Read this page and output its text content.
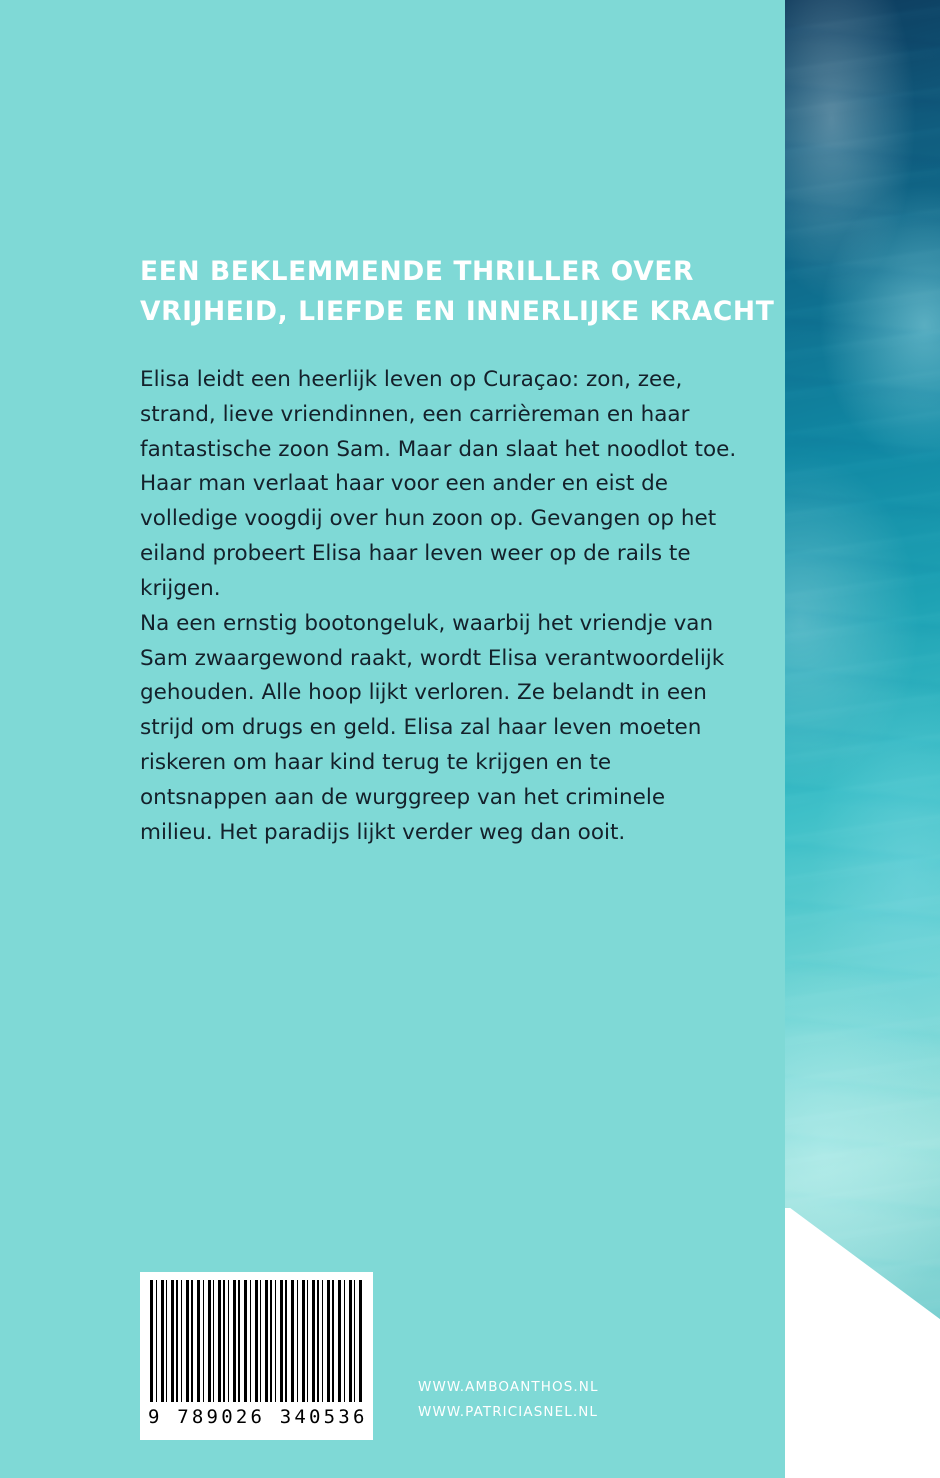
EEN BEKLEMMENDE THRILLER OVER
VRIJHEID, LIEFDE EN INNERLIJKE KRACHT

Elisa leidt een heerlijk leven op Curaçao: zon, zee, strand, lieve vriendinnen, een carrièreman en haar fantastische zoon Sam. Maar dan slaat het noodlot toe. Haar man verlaat haar voor een ander en eist de volledige voogdij over hun zoon op. Gevangen op het eiland probeert Elisa haar leven weer op de rails te krijgen.

Na een ernstig bootongeluk, waarbij het vriendje van Sam zwaargewond raakt, wordt Elisa verantwoordelijk gehouden. Alle hoop lijkt verloren. Ze belandt in een strijd om drugs en geld. Elisa zal haar leven moeten riskeren om haar kind terug te krijgen en te ontsnappen aan de wurggreep van het criminele milieu. Het paradijs lijkt verder weg dan ooit.

9 789026 340536
WWW.AMBOANTHOS.NL
WWW.PATRICIASNEL.NL
